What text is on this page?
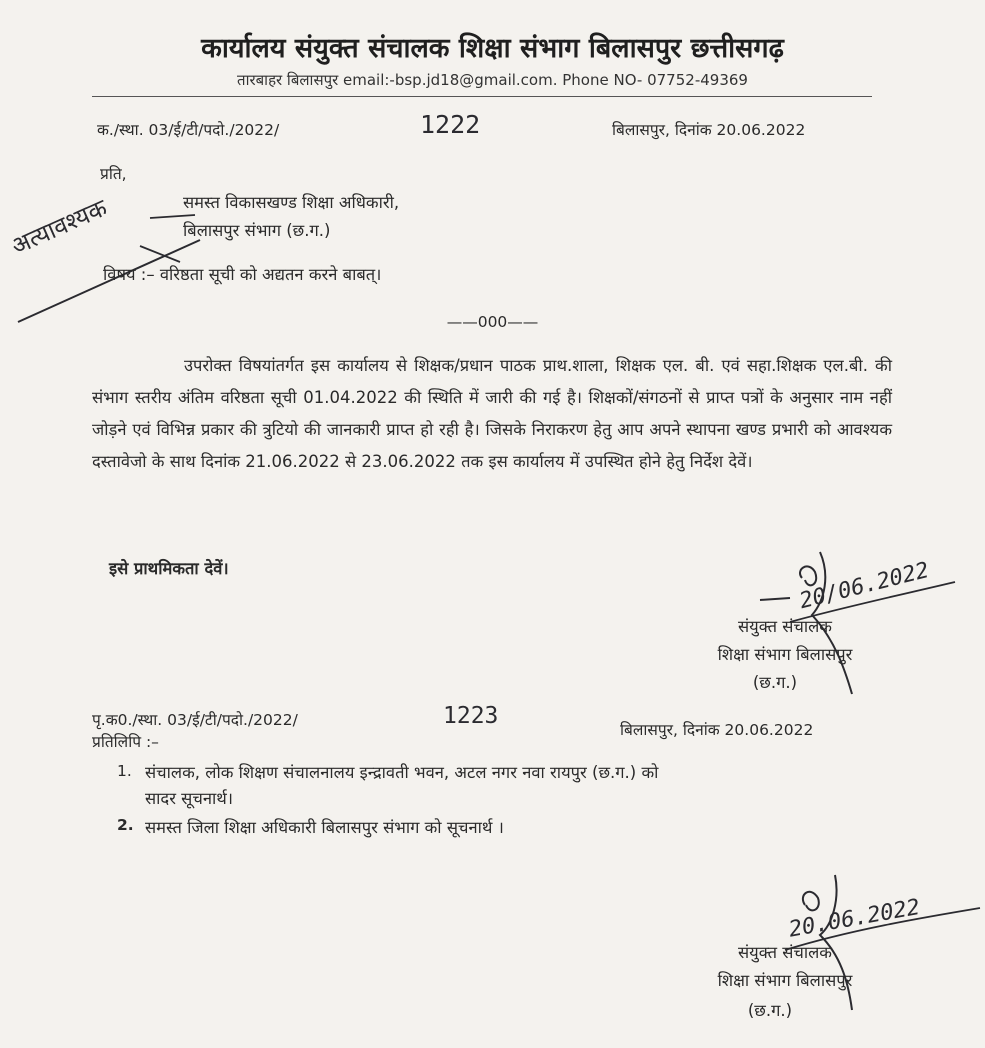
कार्यालय संयुक्त संचालक शिक्षा संभाग बिलासपुर छत्तीसगढ़
तारबाहर बिलासपुर email:-bsp.jd18@gmail.com. Phone NO- 07752-49369
क./स्था. 03/ई/टी/पदो./2022/	1222	बिलासपुर, दिनांक 20.06.2022
प्रति,
समस्त विकासखण्ड शिक्षा अधिकारी,
बिलासपुर संभाग (छ.ग.)
अत्यावश्यक
विषय :– वरिष्ठता सूची को अद्यतन करने बाबत्।
——000——
उपरोक्त विषयांतर्गत इस कार्यालय से शिक्षक/प्रधान पाठक प्राथ.शाला, शिक्षक एल. बी. एवं सहा.शिक्षक एल.बी. की संभाग स्तरीय अंतिम वरिष्ठता सूची 01.04.2022 की स्थिति में जारी की गई है। शिक्षकों/संगठनों से प्राप्त पत्रों के अनुसार नाम नहीं जोड़ने एवं विभिन्न प्रकार की त्रुटियो की जानकारी प्राप्त हो रही है। जिसके निराकरण हेतु आप अपने स्थापना खण्ड प्रभारी को आवश्यक दस्तावेजो के साथ दिनांक 21.06.2022 से 23.06.2022 तक इस कार्यालय में उपस्थित होने हेतु निर्देश देवें।
इसे प्राथमिकता देवें।	20/06.2022
संयुक्त संचालक
शिक्षा संभाग बिलासपुर
(छ.ग.)
पृ.क0./स्था. 03/ई/टी/पदो./2022/	1223
बिलासपुर, दिनांक 20.06.2022
प्रतिलिपि :–
1. संचालक, लोक शिक्षण संचालनालय इन्द्रावती भवन, अटल नगर नवा रायपुर (छ.ग.) को
सादर सूचनार्थ।
2. समस्त जिला शिक्षा अधिकारी बिलासपुर संभाग को सूचनार्थ ।
20.06.2022
संयुक्त संचालक
शिक्षा संभाग बिलासपुर
(छ.ग.)
